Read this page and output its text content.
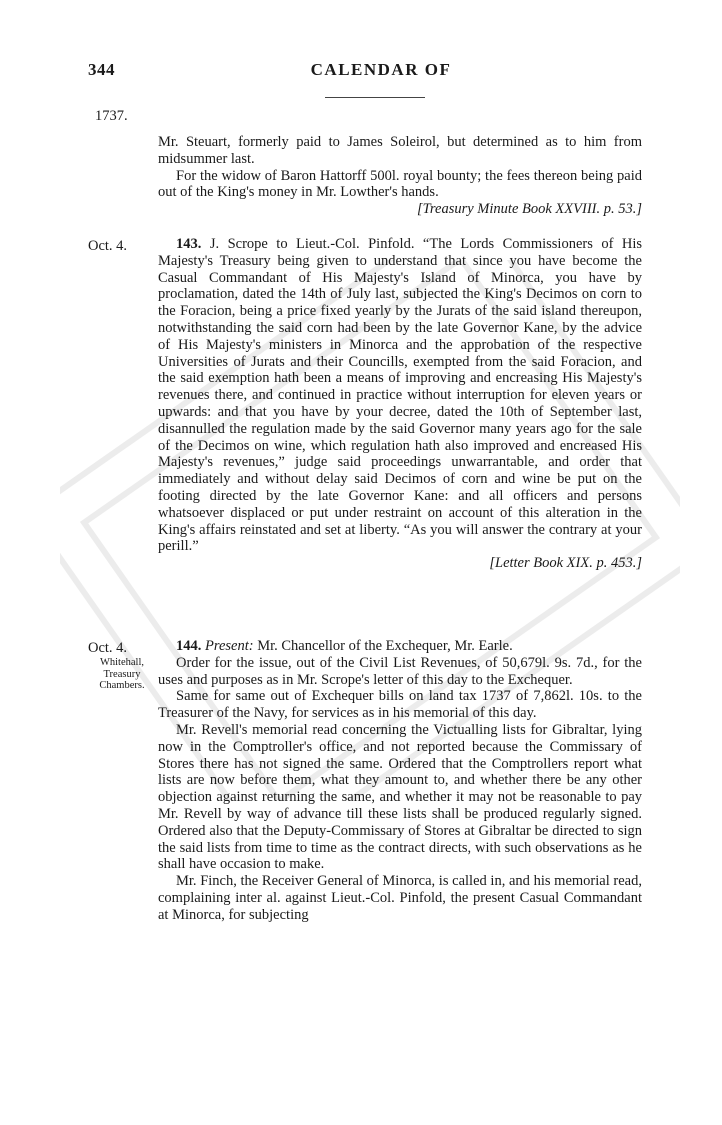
344	CALENDAR OF
1737.

Mr. Steuart, formerly paid to James Soleirol, but determined as to him from midsummer last.

For the widow of Baron Hattorff 500l. royal bounty; the fees thereon being paid out of the King's money in Mr. Lowther's hands.

[Treasury Minute Book XXVIII. p. 53.]
Oct. 4.	143. J. Scrope to Lieut.-Col. Pinfold. “The Lords Commissioners of His Majesty's Treasury being given to understand that since you have become the Casual Commandant of His Majesty's Island of Minorca, you have by proclamation, dated the 14th of July last, subjected the King's Decimos on corn to the Foracion, being a price fixed yearly by the Jurats of the said island thereupon, notwithstanding the said corn had been by the late Governor Kane, by the advice of His Majesty's ministers in Minorca and the approbation of the respective Universities of Jurats and their Councills, exempted from the said Foracion, and the said exemption hath been a means of improving and encreasing His Majesty's revenues there, and continued in practice without interruption for eleven years or upwards: and that you have by your decree, dated the 10th of September last, disannulled the regulation made by the said Governor many years ago for the sale of the Decimos on wine, which regulation hath also improved and encreased His Majesty's revenues,” judge said proceedings unwarrantable, and order that immediately and without delay said Decimos of corn and wine be put on the footing directed by the late Governor Kane: and all officers and persons whatsoever displaced or put under restraint on account of this alteration in the King's affairs reinstated and set at liberty. “As you will answer the contrary at your perill.”

[Letter Book XIX. p. 453.]
Oct. 4.
Whitehall,
Treasury
Chambers.

144. Present: Mr. Chancellor of the Exchequer, Mr. Earle.

Order for the issue, out of the Civil List Revenues, of 50,679l. 9s. 7d., for the uses and purposes as in Mr. Scrope's letter of this day to the Exchequer.

Same for same out of Exchequer bills on land tax 1737 of 7,862l. 10s. to the Treasurer of the Navy, for services as in his memorial of this day.

Mr. Revell's memorial read concerning the Victualling lists for Gibraltar, lying now in the Comptroller's office, and not reported because the Commissary of Stores there has not signed the same. Ordered that the Comptrollers report what lists are now before them, what they amount to, and whether there be any other objection against returning the same, and whether it may not be reasonable to pay Mr. Revell by way of advance till these lists shall be produced regularly signed. Ordered also that the Deputy-Commissary of Stores at Gibraltar be directed to sign the said lists from time to time as the contract directs, with such observations as he shall have occasion to make.

Mr. Finch, the Receiver General of Minorca, is called in, and his memorial read, complaining inter al. against Lieut.-Col. Pinfold, the present Casual Commandant at Minorca, for subjecting
